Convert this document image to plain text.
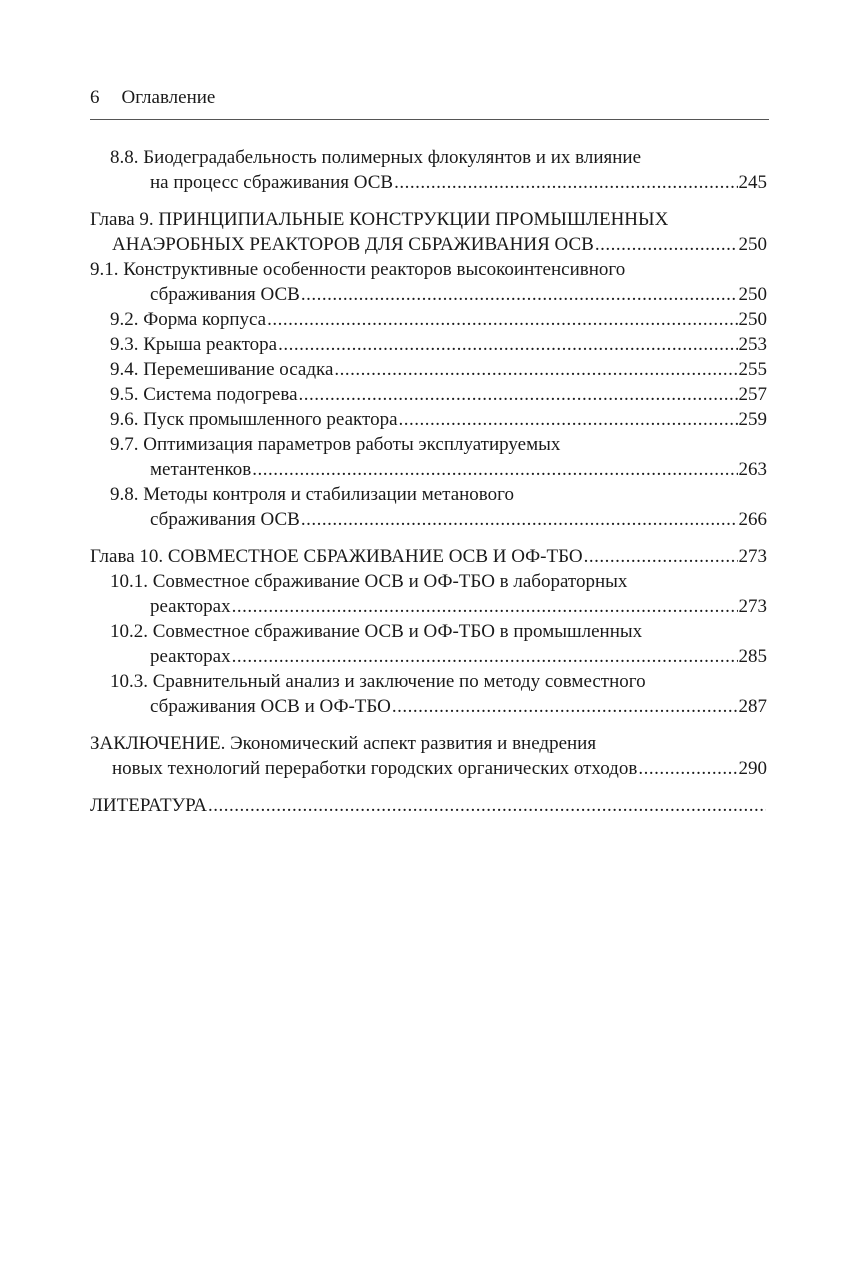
6 Оглавление
8.8. Биодеградабельность полимерных флокулянтов и их влияние
на процесс сбраживания ОСВ .....	245
Глава 9. ПРИНЦИПИАЛЬНЫЕ КОНСТРУКЦИИ ПРОМЫШЛЕННЫХ
АНАЭРОБНЫХ РЕАКТОРОВ ДЛЯ СБРАЖИВАНИЯ ОСВ .....	250
9.1. Конструктивные особенности реакторов высокоинтенсивного
сбраживания ОСВ .....	250
9.2. Форма корпуса .....	250
9.3. Крыша реактора .....	253
9.4. Перемешивание осадка .....	255
9.5. Система подогрева .....	257
9.6. Пуск промышленного реактора .....	259
9.7. Оптимизация параметров работы эксплуатируемых
метантенков .....	263
9.8. Методы контроля и стабилизации метанового
сбраживания ОСВ .....	266
Глава 10. СОВМЕСТНОЕ СБРАЖИВАНИЕ ОСВ И ОФ-ТБО .....	273
10.1. Совместное сбраживание ОСВ и ОФ-ТБО в лабораторных
реакторах .....	273
10.2. Совместное сбраживание ОСВ и ОФ-ТБО в промышленных
реакторах .....	285
10.3. Сравнительный анализ и заключение по методу совместного
сбраживания ОСВ и ОФ-ТБО .....	287
ЗАКЛЮЧЕНИЕ. Экономический аспект развития и внедрения
новых технологий переработки городских органических отходов .....	290
ЛИТЕРАТУРА
.....
